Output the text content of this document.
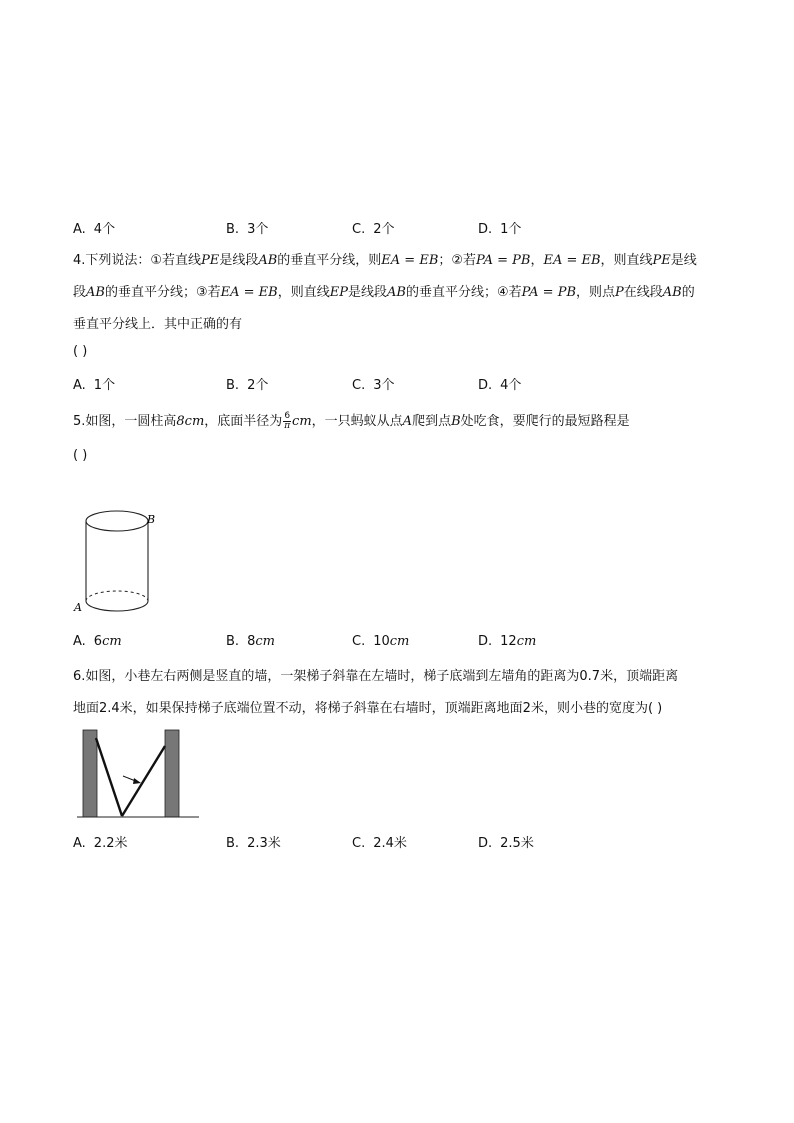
A. 4个	B. 3个	C. 2个	D. 1个
4.下列说法：①若直线PE是线段AB的垂直平分线，则EA = EB；②若PA = PB，EA = EB，则直线PE是线
段AB的垂直平分线；③若EA = EB，则直线EP是线段AB的垂直平分线；④若PA = PB，则点P在线段AB的
垂直平分线上．其中正确的有
( )
A. 1个	B. 2个	C. 3个	D. 4个
5.如图，一圆柱高8cm，底面半径为 $\frac{6}{\pi}$ cm，一只蚂蚁从点A爬到点B处吃食，要爬行的最短路程是
( )
B
A
A. 6cm	B. 8cm	C. 10cm	D. 12cm
6.如图，小巷左右两侧是竖直的墙，一架梯子斜靠在左墙时，梯子底端到左墙角的距离为0.7米，顶端距离
地面2.4米，如果保持梯子底端位置不动，将梯子斜靠在右墙时，顶端距离地面2米，则小巷的宽度为( )
A. 2.2米	B. 2.3米	C. 2.4米	D. 2.5米
